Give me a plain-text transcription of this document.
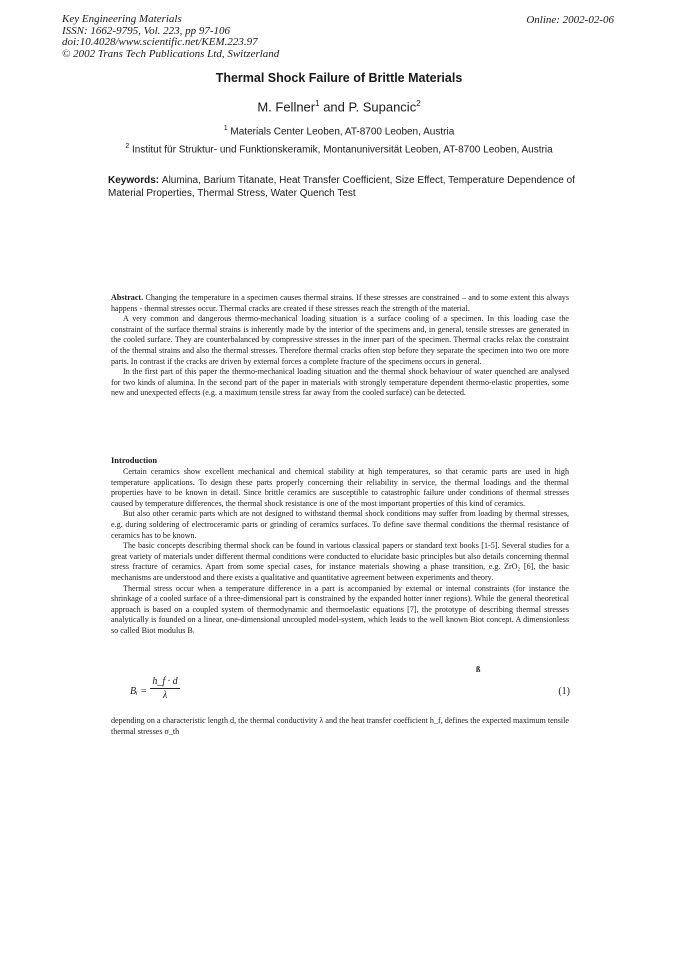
Key Engineering Materials
ISSN: 1662-9795, Vol. 223, pp 97-106
doi:10.4028/www.scientific.net/KEM.223.97
© 2002 Trans Tech Publications Ltd, Switzerland
Online: 2002-02-06
Thermal Shock Failure of Brittle Materials
M. Fellner$^1$ and P. Supancic$^2$
$^1$ Materials Center Leoben, AT-8700 Leoben, Austria
$^2$ Institut für Struktur- und Funktionskeramik, Montanuniversität Leoben, AT-8700 Leoben, Austria
Keywords: Alumina, Barium Titanate, Heat Transfer Coefficient, Size Effect, Temperature Dependence of Material Properties, Thermal Stress, Water Quench Test

Abstract. Changing the temperature in a specimen causes thermal strains. If these stresses are constrained – and to some extent this always happens - thermal stresses occur. Thermal cracks are created if these stresses reach the strength of the material.

A very common and dangerous thermo-mechanical loading situation is a surface cooling of a specimen. In this loading case the constraint of the surface thermal strains is inherently made by the interior of the specimens and, in general, tensile stresses are generated in the cooled surface. They are counterbalanced by compressive stresses in the inner part of the specimen. Thermal cracks relax the constraint of the thermal strains and also the thermal stresses. Therefore thermal cracks often stop before they separate the specimen into two ore more parts. In contrast if the cracks are driven by external forces a complete fracture of the specimens occurs in general.

In the first part of this paper the thermo-mechanical loading situation and the thermal shock behaviour of water quenched are analysed for two kinds of alumina. In the second part of the paper in materials with strongly temperature dependent thermo-elastic properties, some new and unexpected effects (e.g. a maximum tensile stress far away from the cooled surface) can be detected.

Introduction

Certain ceramics show excellent mechanical and chemical stability at high temperatures, so that ceramic parts are used in high temperature applications. To design these parts properly concerning their reliability in service, the thermal loadings and the thermal properties have to be known in detail. Since brittle ceramics are susceptible to catastrophic failure under conditions of thermal stresses caused by temperature differences, the thermal shock resistance is one of the most important properties of this kind of ceramics.

But also other ceramic parts which are not designed to withstand thermal shock conditions may suffer from loading by thermal stresses, e.g. during soldering of electroceramic parts or grinding of ceramics surfaces. To define save thermal conditions the thermal resistance of ceramics has to be known.

The basic concepts describing thermal shock can be found in various classical papers or standard text books [1-5]. Several studies for a great variety of materials under different thermal conditions were conducted to elucidate basic principles but also details concerning thermal stress fracture of ceramics. Apart from some special cases, for instance materials showing a phase transition, e.g. ZrO₂ [6], the basic mechanisms are understood and there exists a qualitative and quantitative agreement between experiments and theory.

Thermal stress occur when a temperature difference in a part is accompanied by external or internal constraints (for instance the shrinkage of a cooled surface of a three-dimensional part is constrained by the expanded hotter inner regions). While the general theoretical approach is based on a coupled system of thermodynamic and thermoelastic equations [7], the prototype of describing thermal stresses analytically is founded on a linear, one-dimensional uncoupled model-system, which leads to the well known Biot concept. A dimensionless so called Biot modulus Bᵢ

ß
Bᵢ = $\frac{h\_f \cdot d}{\lambda}$	(1)
depending on a characteristic length d, the thermal conductivity λ and the heat transfer coefficient h_f, defines the expected maximum tensile thermal stresses σ_th
